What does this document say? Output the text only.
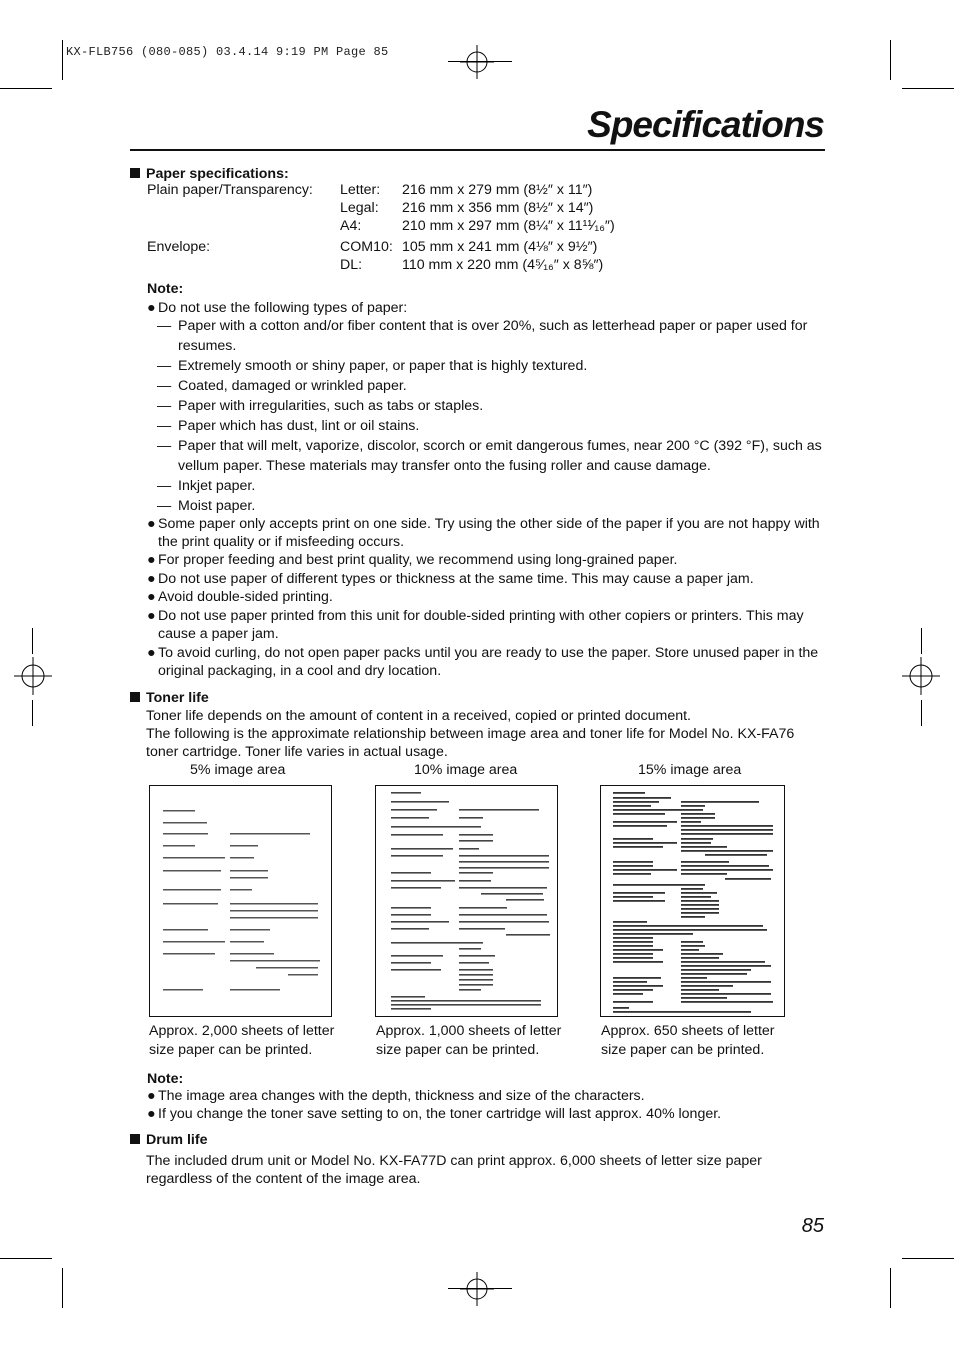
KX-FLB756 (080-085) 03.4.14 9:19 PM Page 85
Specifications
Paper specifications:
Plain paper/Transparency: Letter: 216 mm x 279 mm (8½″ x 11″)
Legal: 216 mm x 356 mm (8½″ x 14″)
A4:	210 mm x 297 mm (8¼″ x 11¹¹⁄₁₆″)
Envelope:	COM10: 105 mm x 241 mm (4⅛″ x 9½″)
DL:	110 mm x 220 mm (4⁵⁄₁₆″ x 8⅝″)
Note:
● Do not use the following types of paper:
— Paper with a cotton and/or fiber content that is over 20%, such as letterhead paper or paper used for resumes.
— Extremely smooth or shiny paper, or paper that is highly textured.
— Coated, damaged or wrinkled paper.
— Paper with irregularities, such as tabs or staples.
— Paper which has dust, lint or oil stains.
— Paper that will melt, vaporize, discolor, scorch or emit dangerous fumes, near 200 °C (392 °F), such as vellum paper. These materials may transfer onto the fusing roller and cause damage.
— Inkjet paper.
— Moist paper.
● Some paper only accepts print on one side. Try using the other side of the paper if you are not happy with the print quality or if misfeeding occurs.
● For proper feeding and best print quality, we recommend using long-grained paper.
● Do not use paper of different types or thickness at the same time. This may cause a paper jam.
● Avoid double-sided printing.
● Do not use paper printed from this unit for double-sided printing with other copiers or printers. This may cause a paper jam.
● To avoid curling, do not open paper packs until you are ready to use the paper. Store unused paper in the original packaging, in a cool and dry location.
Toner life
Toner life depends on the amount of content in a received, copied or printed document.
The following is the approximate relationship between image area and toner life for Model No. KX-FA76 toner cartridge. Toner life varies in actual usage.
5% image area	10% image area	15% image area
Approx. 2,000 sheets of letter size paper can be printed.
Approx. 1,000 sheets of letter size paper can be printed.
Approx. 650 sheets of letter size paper can be printed.
Note:
● The image area changes with the depth, thickness and size of the characters.
● If you change the toner save setting to on, the toner cartridge will last approx. 40% longer.
Drum life
The included drum unit or Model No. KX-FA77D can print approx. 6,000 sheets of letter size paper regardless of the content of the image area.
85
